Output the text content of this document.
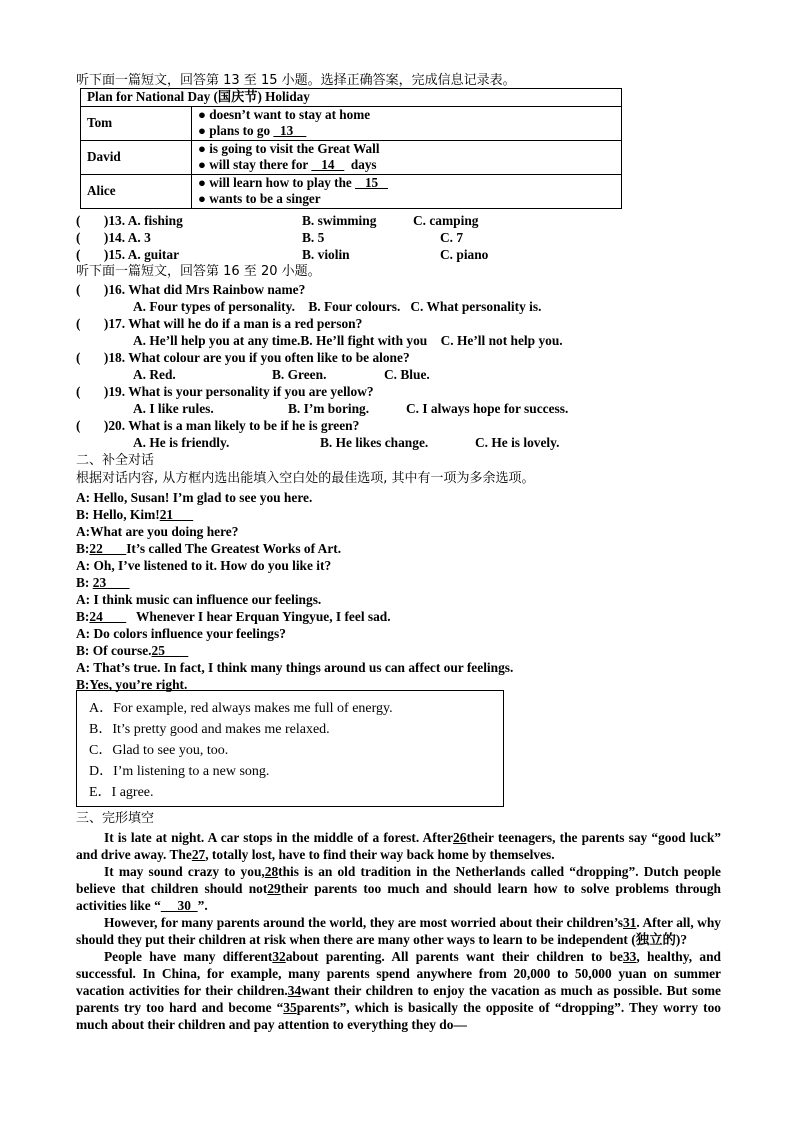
听下面一篇短文，回答第 13 至 15 小题。选择正确答案，完成信息记录表。
Plan for National Day (国庆节) Holiday	
Tom	● doesn’t want to stay at home
● plans to go   13

David	● is going to visit the Great Wall
● will stay there for    14     days

Alice	● will learn how to play the    15
● wants to be a singer
(       )13. A. fishing	B. swimming	C. camping
(       )14. A. 3	B. 5	C. 7
(       )15. A. guitar	B. violin	C. piano
听下面一篇短文，回答第 16 至 20 小题。
(       )16. What did Mrs Rainbow name?
A. Four types of personality.    B. Four colours.   C. What personality is.
(       )17. What will he do if a man is a red person?
A. He’ll help you at any time.B. He’ll fight with you    C. He’ll not help you.
(       )18. What colour are you if you often like to be alone?
A. Red.	B. Green.	C. Blue.
(       )19. What is your personality if you are yellow?
A. I like rules.	B. I’m boring.	C. I always hope for success.
(       )20. What is a man likely to be if he is green?
A. He is friendly.	B. He likes change.	C. He is lovely.
二、补全对话
根据对话内容, 从方框内选出能填入空白处的最佳选项, 其中有一项为多余选项。
A: Hello, Susan! I’m glad to see you here.
B: Hello, Kim!21
A:What are you doing here?
B:22       It’s called The Greatest Works of Art.
A: Oh, I’ve listened to it. How do you like it?
B: 23
A: I think music can influence our feelings.
B:24          Whenever I hear Erquan Yingyue, I feel sad.
A: Do colors influence your feelings?
B: Of course.25
A: That’s true. In fact, I think many things around us can affect our feelings.
B:Yes, you’re right.
A．For example, red always makes me full of energy.
B．It’s pretty good and makes me relaxed.
C．Glad to see you, too.
D．I’m listening to a new song.
E．I agree.
三、完形填空

It is late at night. A car stops in the middle of a forest. After26their teenagers, the parents say “good luck” and drive away. The27, totally lost, have to find their way back home by themselves.

It may sound crazy to you,28this is an old tradition in the Netherlands called “dropping”. Dutch people believe that children should not29their parents too much and should learn how to solve problems through activities like “     30  ”.

However, for many parents around the world, they are most worried about their children’s31. After all, why should they put their children at risk when there are many other ways to learn to be independent (独立的)?

People have many different32about parenting. All parents want their children to be33, healthy, and successful. In China, for example, many parents spend anywhere from 20,000 to 50,000 yuan on summer vacation activities for their children.34want their children to enjoy the vacation as much as possible. But some parents try too hard and become “35parents”, which is basically the opposite of “dropping”. They worry too much about their children and pay attention to everything they do—
